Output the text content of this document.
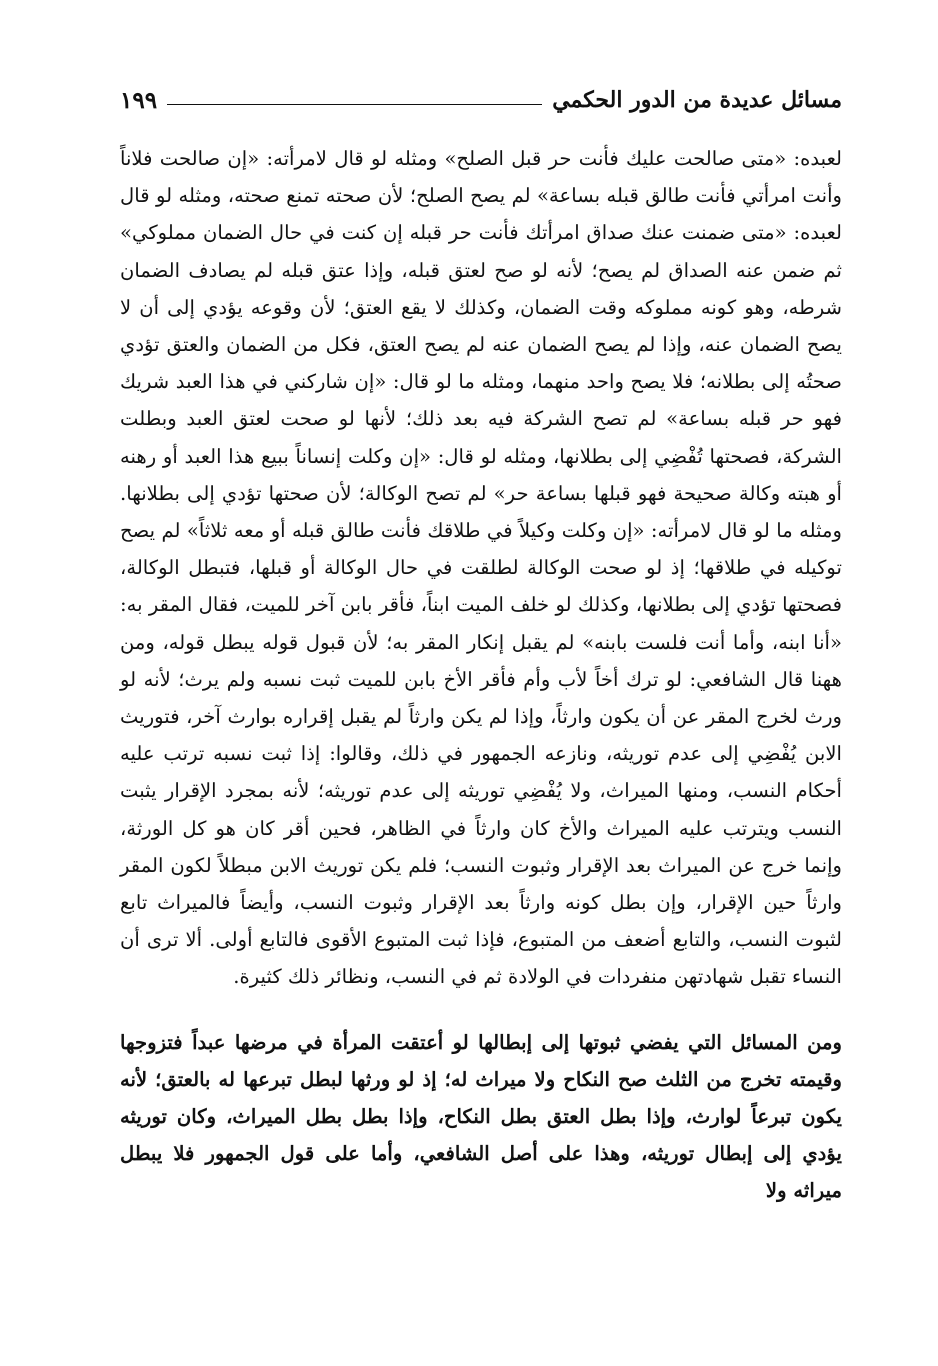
مسائل عديدة من الدور الحكمي
١٩٩

لعبده: «متى صالحت عليك فأنت حر قبل الصلح» ومثله لو قال لامرأته: «إن صالحت فلاناً وأنت امرأتي فأنت طالق قبله بساعة» لم يصح الصلح؛ لأن صحته تمنع صحته، ومثله لو قال لعبده: «متى ضمنت عنك صداق امرأتك فأنت حر قبله إن كنت في حال الضمان مملوكي» ثم ضمن عنه الصداق لم يصح؛ لأنه لو صح لعتق قبله، وإذا عتق قبله لم يصادف الضمان شرطه، وهو كونه مملوكه وقت الضمان، وكذلك لا يقع العتق؛ لأن وقوعه يؤدي إلى أن لا يصح الضمان عنه، وإذا لم يصح الضمان عنه لم يصح العتق، فكل من الضمان والعتق تؤدي صحتُه إلى بطلانه؛ فلا يصح واحد منهما، ومثله ما لو قال: «إن شاركني في هذا العبد شريك فهو حر قبله بساعة» لم تصح الشركة فيه بعد ذلك؛ لأنها لو صحت لعتق العبد وبطلت الشركة، فصحتها تُفْضِي إلى بطلانها، ومثله لو قال: «إن وكلت إنساناً ببيع هذا العبد أو رهنه أو هبته وكالة صحيحة فهو قبلها بساعة حر» لم تصح الوكالة؛ لأن صحتها تؤدي إلى بطلانها. ومثله ما لو قال لامرأته: «إن وكلت وكيلاً في طلاقك فأنت طالق قبله أو معه ثلاثاً» لم يصح توكيله في طلاقها؛ إذ لو صحت الوكالة لطلقت في حال الوكالة أو قبلها، فتبطل الوكالة، فصحتها تؤدي إلى بطلانها، وكذلك لو خلف الميت ابناً، فأقر بابن آخر للميت، فقال المقر به: «أنا ابنه، وأما أنت فلست بابنه» لم يقبل إنكار المقر به؛ لأن قبول قوله يبطل قوله، ومن ههنا قال الشافعي: لو ترك أخاً لأب وأم فأقر الأخ بابن للميت ثبت نسبه ولم يرث؛ لأنه لو ورث لخرج المقر عن أن يكون وارثاً، وإذا لم يكن وارثاً لم يقبل إقراره بوارث آخر، فتوريث الابن يُفْضِي إلى عدم توريثه، ونازعه الجمهور في ذلك، وقالوا: إذا ثبت نسبه ترتب عليه أحكام النسب، ومنها الميراث، ولا يُفْضِي توريثه إلى عدم توريثه؛ لأنه بمجرد الإقرار يثبت النسب ويترتب عليه الميراث والأخ كان وارثاً في الظاهر، فحين أقر كان هو كل الورثة، وإنما خرج عن الميراث بعد الإقرار وثبوت النسب؛ فلم يكن توريث الابن مبطلاً لكون المقر وارثاً حين الإقرار، وإن بطل كونه وارثاً بعد الإقرار وثبوت النسب، وأيضاً فالميراث تابع لثبوت النسب، والتابع أضعف من المتبوع، فإذا ثبت المتبوع الأقوى فالتابع أولى. ألا ترى أن النساء تقبل شهادتهن منفردات في الولادة ثم في النسب، ونظائر ذلك كثيرة.

ومن المسائل التي يفضي ثبوتها إلى إبطالها لو أعتقت المرأة في مرضها عبداً فتزوجها وقيمته تخرج من الثلث صح النكاح ولا ميراث له؛ إذ لو ورثها لبطل تبرعها له بالعتق؛ لأنه يكون تبرعاً لوارث، وإذا بطل العتق بطل النكاح، وإذا بطل بطل الميراث، وكان توريثه يؤدي إلى إبطال توريثه، وهذا على أصل الشافعي، وأما على قول الجمهور فلا يبطل ميراثه ولا
